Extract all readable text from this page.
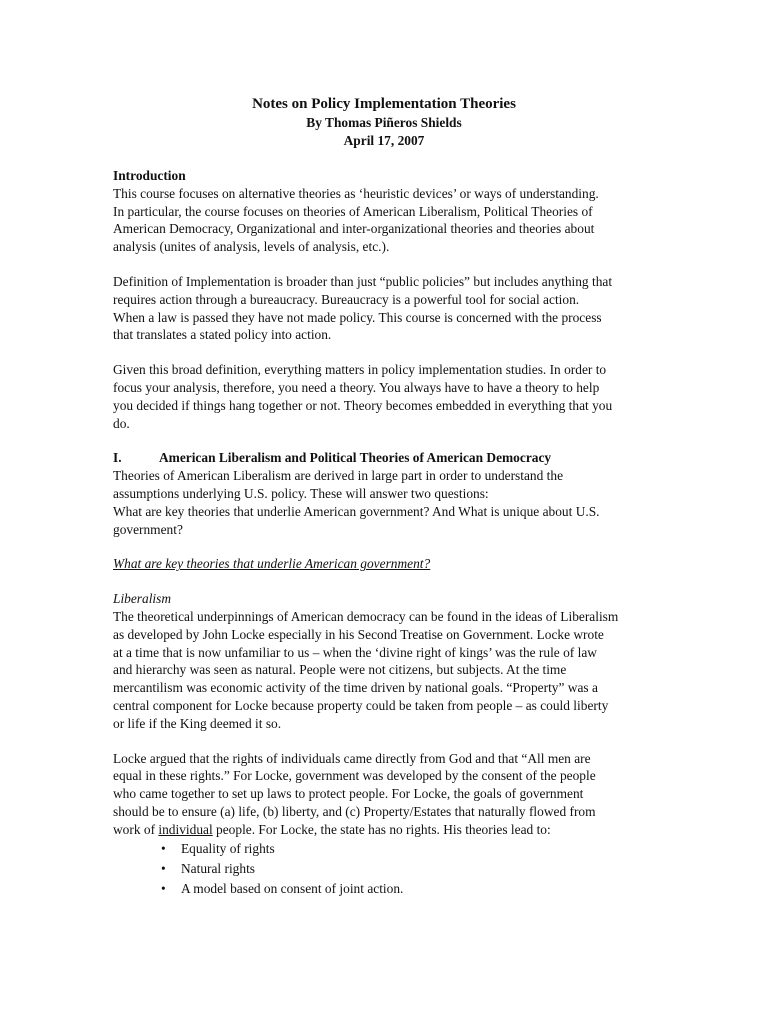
Notes on Policy Implementation Theories
By Thomas Piñeros Shields
April 17, 2007
Introduction
This course focuses on alternative theories as ‘heuristic devices’ or ways of understanding.
In particular, the course focuses on theories of American Liberalism, Political Theories of
American Democracy, Organizational and inter-organizational theories and theories about
analysis (unites of analysis, levels of analysis, etc.).
Definition of Implementation is broader than just “public policies” but includes anything that
requires action through a bureaucracy. Bureaucracy is a powerful tool for social action.
When a law is passed they have not made policy. This course is concerned with the process
that translates a stated policy into action.
Given this broad definition, everything matters in policy implementation studies. In order to
focus your analysis, therefore, you need a theory. You always have to have a theory to help
you decided if things hang together or not. Theory becomes embedded in everything that you
do.
I.	American Liberalism and Political Theories of American Democracy
Theories of American Liberalism are derived in large part in order to understand the
assumptions underlying U.S. policy. These will answer two questions:
What are key theories that underlie American government? And What is unique about U.S.
government?
What are key theories that underlie American government?
Liberalism
The theoretical underpinnings of American democracy can be found in the ideas of Liberalism
as developed by John Locke especially in his Second Treatise on Government. Locke wrote
at a time that is now unfamiliar to us – when the ‘divine right of kings’ was the rule of law
and hierarchy was seen as natural. People were not citizens, but subjects. At the time
mercantilism was economic activity of the time driven by national goals. “Property” was a
central component for Locke because property could be taken from people – as could liberty
or life if the King deemed it so.
Locke argued that the rights of individuals came directly from God and that “All men are
equal in these rights.” For Locke, government was developed by the consent of the people
who came together to set up laws to protect people. For Locke, the goals of government
should be to ensure (a) life, (b) liberty, and (c) Property/Estates that naturally flowed from
work of individual people. For Locke, the state has no rights. His theories lead to:
• Equality of rights
• Natural rights
• A model based on consent of joint action.
